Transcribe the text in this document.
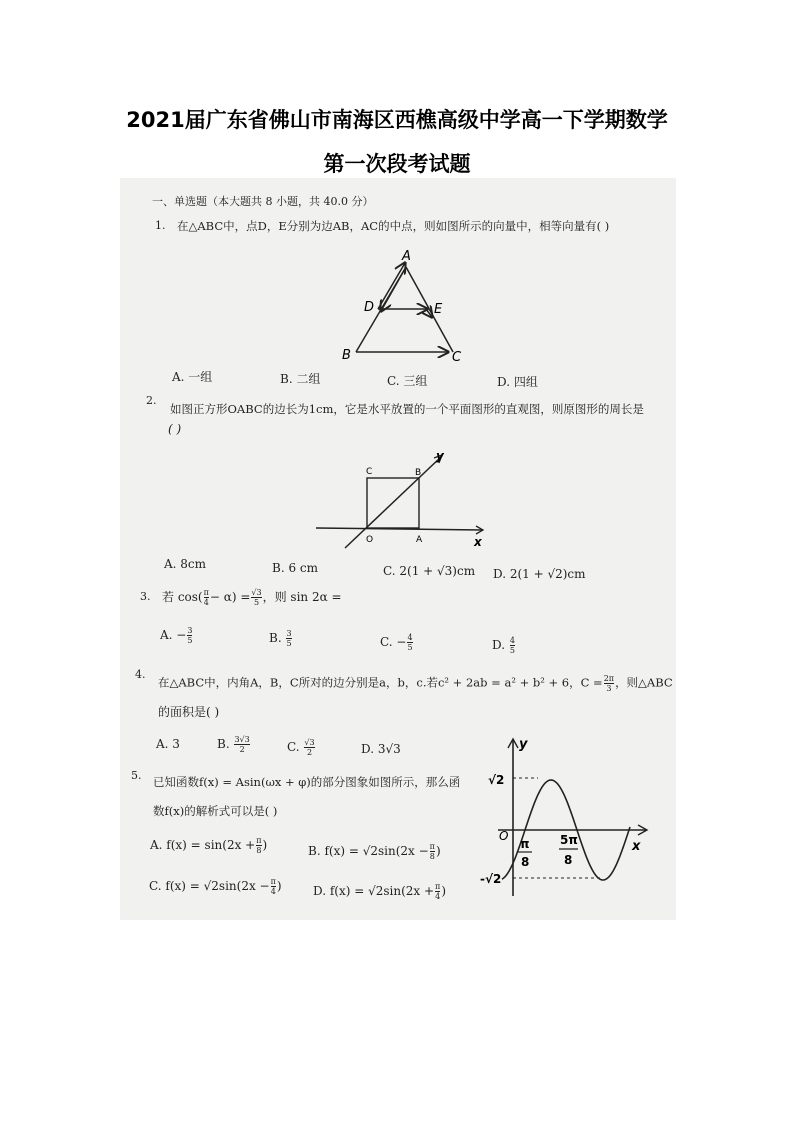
2021届广东省佛山市南海区西樵高级中学高一下学期数学
第一次段考试题
一、单选题（本大题共 8 小题，共 40.0 分）
1. 在△ABC中，点D，E分别为边AB，AC的中点，则如图所示的向量中，相等向量有( )
A
D	E
B	C
A. 一组	B. 二组	C. 三组	D. 四组
2.
如图正方形OABC的边长为1cm，它是水平放置的一个平面图形的直观图，则原图形的周长是
( )
C	B
O	A	x
y
A. 8cm	B. 6 cm	C. 2(1 + √3)cm D. 2(1 + √2)cm
3. 若 $\cos( \frac{\pi}{4} - \alpha) = \frac{√3}{5}$ ，则 sin 2α =
A. − $\frac{3}{5}$	B. $\frac{3}{5}$	C. − $\frac{4}{5}$	D. $\frac{4}{5}$
4.
在△ABC中，内角A，B，C所对的边分别是a，b，c.若c² + 2ab = a² + b² + 6，$C = \frac{2\pi}{3}$ ，则△ABC
的面积是( )
A. 3	B. $\frac{3√3}{2}$	C. $\frac{√3}{2}$	D. 3√3
5. 已知函数f(x) = Asin(ωx + φ)的部分图象如图所示，那么函
数f(x)的解析式可以是( )
A. $f(x) = \sin(2x + \frac{\pi}{8}$ )	B. $f(x) = √2\sin(2x - \frac{\pi}{8}$ )
C. $f(x) = √2\sin(2x - \frac{\pi}{4}$ )	D. $f(x) = √2\sin(2x + \frac{\pi}{4}$ )
y
x
O
√2
-√2
π
8
5π
8
